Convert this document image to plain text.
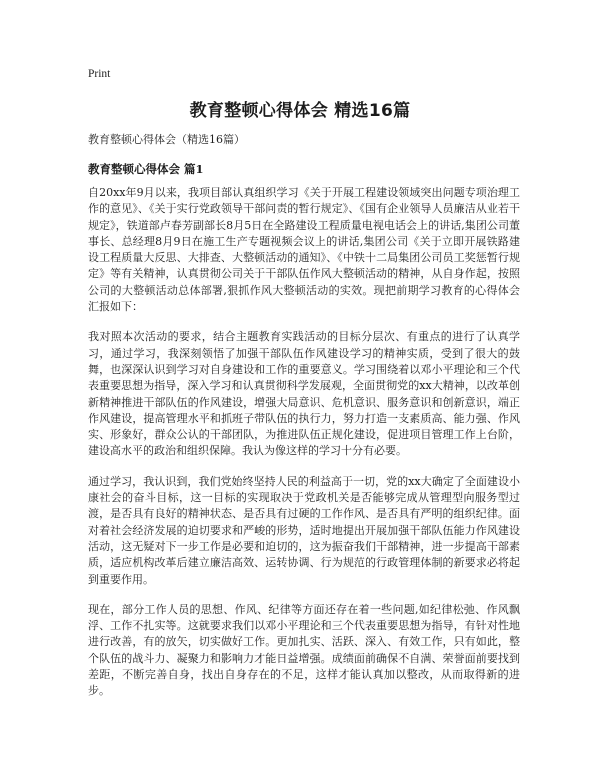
Print
教育整顿心得体会 精选16篇
教育整顿心得体会（精选16篇）
教育整顿心得体会 篇1

自20xx年9月以来，我项目部认真组织学习《关于开展工程建设领域突出问题专项治理工作的意见》、《关于实行党政领导干部问责的暂行规定》、《国有企业领导人员廉洁从业若干规定》，铁道部卢春芳副部长8月5日在全路建设工程质量电视电话会上的讲话,集团公司董事长、总经理8月9日在施工生产专题视频会议上的讲话,集团公司《关于立即开展铁路建设工程质量大反思、大排查、大整顿活动的通知》、《中铁十二局集团公司员工奖惩暂行规定》等有关精神，认真贯彻公司关于干部队伍作风大整顿活动的精神，从自身作起，按照公司的大整顿活动总体部署,狠抓作风大整顿活动的实效。现把前期学习教育的心得体会汇报如下：

我对照本次活动的要求，结合主题教育实践活动的目标分层次、有重点的进行了认真学习，通过学习，我深刻领悟了加强干部队伍作风建设学习的精神实质，受到了很大的鼓舞，也深深认识到学习对自身建设和工作的重要意义。学习围绕着以邓小平理论和三个代表重要思想为指导，深入学习和认真贯彻科学发展观，全面贯彻党的xx大精神，以改革创新精神推进干部队伍的作风建设，增强大局意识、危机意识、服务意识和创新意识，端正作风建设，提高管理水平和抓班子带队伍的执行力，努力打造一支素质高、能力强、作风实、形象好，群众公认的干部团队，为推进队伍正规化建设，促进项目管理工作上台阶，建设高水平的政治和组织保障。我认为像这样的学习十分有必要。

通过学习，我认识到，我们党始终坚持人民的利益高于一切，党的xx大确定了全面建设小康社会的奋斗目标，这一目标的实现取决于党政机关是否能够完成从管理型向服务型过渡，是否具有良好的精神状态、是否具有过硬的工作作风、是否具有严明的组织纪律。面对着社会经济发展的迫切要求和严峻的形势，适时地提出开展加强干部队伍能力作风建设活动，这无疑对下一步工作是必要和迫切的，这为振奋我们干部精神，进一步提高干部素质，适应机构改革后建立廉洁高效、运转协调、行为规范的行政管理体制的新要求必将起到重要作用。

现在，部分工作人员的思想、作风、纪律等方面还存在着一些问题,如纪律松弛、作风飘浮、工作不扎实等。这就要求我们以邓小平理论和三个代表重要思想为指导，有针对性地进行改善，有的放矢，切实做好工作。更加扎实、活跃、深入、有效工作，只有如此，整个队伍的战斗力、凝聚力和影响力才能日益增强。成绩面前确保不自满、荣誉面前要找到差距，不断完善自身，找出自身存在的不足，这样才能认真加以整改，从而取得新的进步。
